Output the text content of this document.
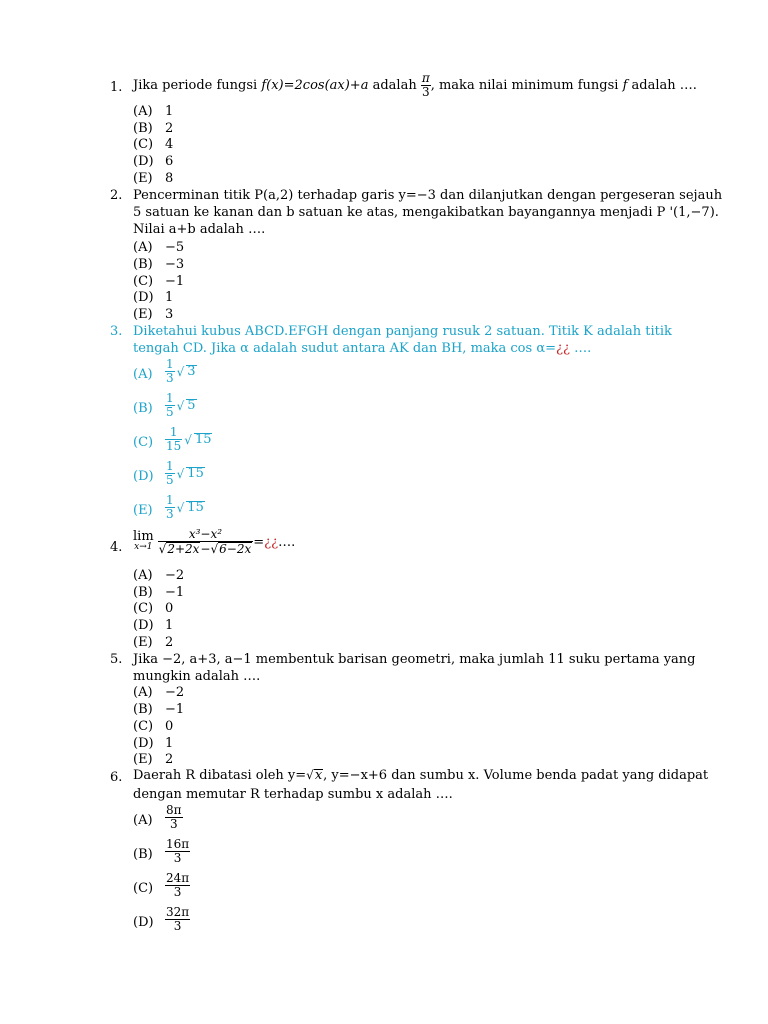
1. Jika periode fungsi f(x)=2cos(ax)+a adalah $\frac{\pi}{3}$ , maka nilai minimum fungsi f adalah ….
(A) 1
(B) 2
(C) 4
(D) 6
(E) 8
2. Pencerminan titik P(a,2) terhadap garis y=−3 dan dilanjutkan dengan pergeseran sejauh
5 satuan ke kanan dan b satuan ke atas, mengakibatkan bayangannya menjadi P '(1,−7).
Nilai a+b adalah ….
(A) −5
(B) −3
(C) −1
(D) 1
(E) 3
3. Diketahui kubus ABCD.EFGH dengan panjang rusuk 2 satuan. Titik K adalah titik
tengah CD. Jika α adalah sudut antara AK dan BH, maka cos α=¿¿ ….
$(A) \frac{1}{3}$ √ 3
$(B) \frac{1}{5}$ √ 5
$(C) \frac{1}{15}$ √ 15
$(D) \frac{1}{5}$ √ 15
$(E) \frac{1}{3}$ √ 15
4.
lim
$x\to 1 \frac{\text{x³−x²}}{√2+2x-√6-2x}$ = ¿¿ ….
(A) −2
(B) −1
(C) 0
(D) 1
(E) 2
5. Jika −2, a+3, a−1 membentuk barisan geometri, maka jumlah 11 suku pertama yang
mungkin adalah ….
(A) −2
(B) −1
(C) 0
(D) 1
(E) 2
6. Daerah R dibatasi oleh y=√x, y=−x+6 dan sumbu x. Volume benda padat yang didapat
dengan memutar R terhadap sumbu x adalah ….
$(A) \frac{8\pi}{3}$
$(B) \frac{16\pi}{3}$
$(C) \frac{24\pi}{3}$
$(D) \frac{32\pi}{3}$
